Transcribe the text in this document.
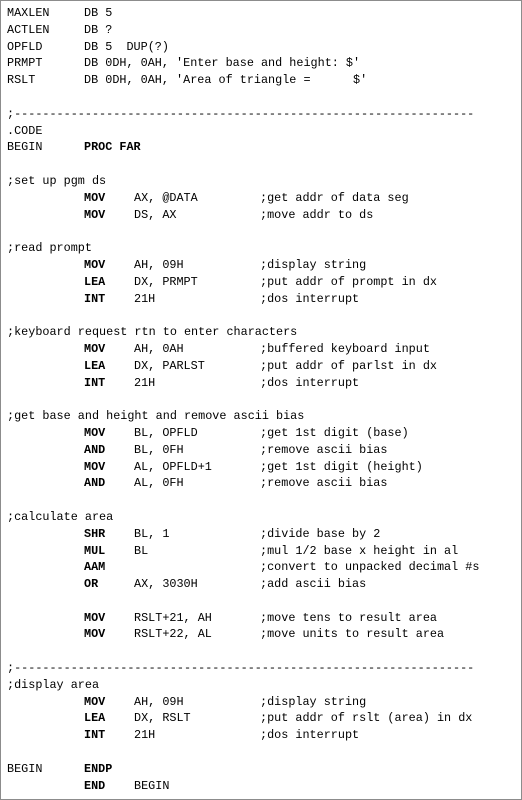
MAXLEN	DB 5
ACTLEN	DB ?
OPFLD	DB 5  DUP(?)
PRMPT	DB 0DH, 0AH, 'Enter base and height: $'
RSLT	DB 0DH, 0AH, 'Area of triangle =      $'
;-----------------------------------------------------------------
.CODE
BEGIN	PROC FAR
;set up pgm ds
MOV AX, @DATA	;get addr of data seg
MOV DS, AX	;move addr to ds
;read prompt
MOV AH, 09H	;display string
LEA DX, PRMPT	;put addr of prompt in dx
INT 21H	;dos interrupt
;keyboard request rtn to enter characters
MOV AH, 0AH	;buffered keyboard input
LEA DX, PARLST	;put addr of parlst in dx
INT 21H	;dos interrupt
;get base and height and remove ascii bias
MOV BL, OPFLD	;get 1st digit (base)
AND BL, 0FH	;remove ascii bias
MOV AL, OPFLD+1	;get 1st digit (height)
AND AL, 0FH	;remove ascii bias
;calculate area
SHR BL, 1	;divide base by 2
MUL BL	;mul 1/2 base x height in al
AAM	;convert to unpacked decimal #s
OR	AX, 3030H	;add ascii bias
MOV RSLT+21, AH	;move tens to result area
MOV RSLT+22, AL	;move units to result area
;-----------------------------------------------------------------
;display area
MOV AH, 09H	;display string
LEA DX, RSLT	;put addr of rslt (area) in dx
INT 21H	;dos interrupt
BEGIN	ENDP
END BEGIN
